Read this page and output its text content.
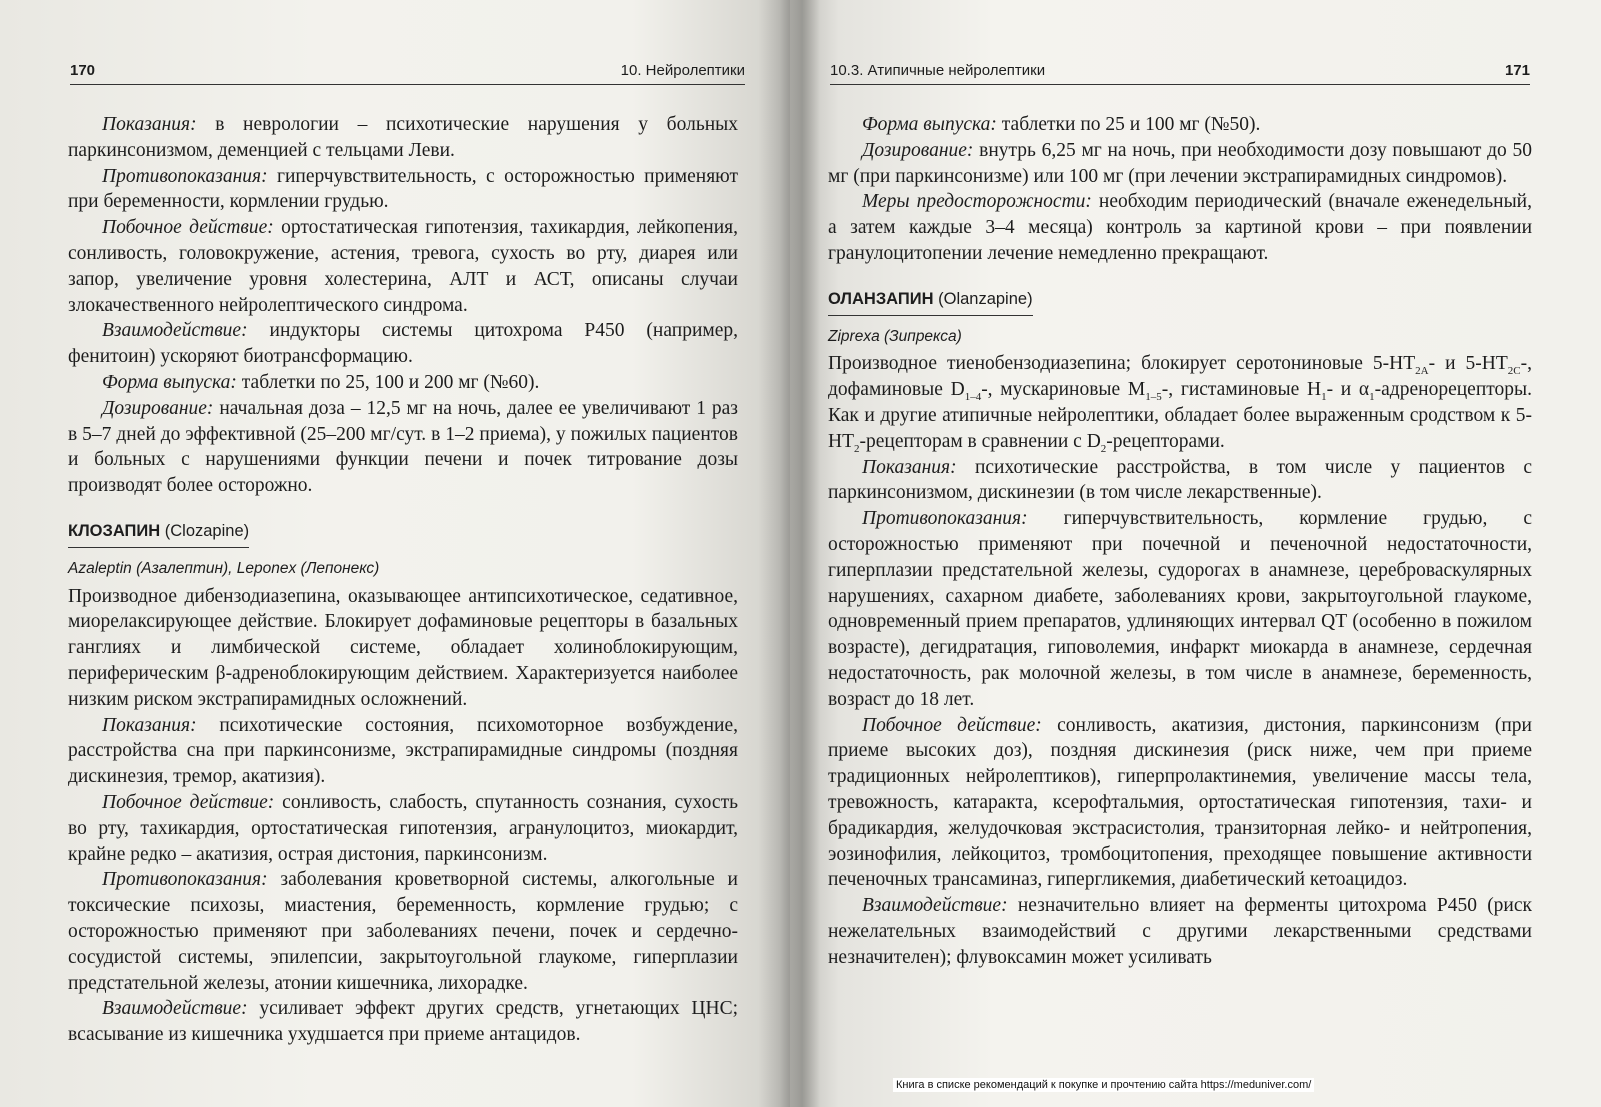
170	10. Нейролептики

Показания: в неврологии – психотические нарушения у больных паркинсонизмом, деменцией с тельцами Леви.

Противопоказания: гиперчувствительность, с осторожностью применяют при беременности, кормлении грудью.

Побочное действие: ортостатическая гипотензия, тахикардия, лейкопения, сонливость, головокружение, астения, тревога, сухость во рту, диарея или запор, увеличение уровня холестерина, АЛТ и АСТ, описаны случаи злокачественного нейролептического синдрома.

Взаимодействие: индукторы системы цитохрома Р450 (например, фенитоин) ускоряют биотрансформацию.

Форма выпуска: таблетки по 25, 100 и 200 мг (№60).

Дозирование: начальная доза – 12,5 мг на ночь, далее ее увеличивают 1 раз в 5–7 дней до эффективной (25–200 мг/сут. в 1–2 приема), у пожилых пациентов и больных с нарушениями функции печени и почек титрование дозы производят более осторожно.

КЛОЗАПИН (Clozapine)

Azaleptin (Азалептин), Leponex (Лепонекс)

Производное дибензодиазепина, оказывающее антипсихотическое, седативное, миорелаксирующее действие. Блокирует дофаминовые рецепторы в базальных ганглиях и лимбической системе, обладает холиноблокирующим, периферическим β-адреноблокирующим действием. Характеризуется наиболее низким риском экстрапирамидных осложнений.

Показания: психотические состояния, психомоторное возбуждение, расстройства сна при паркинсонизме, экстрапирамидные синдромы (поздняя дискинезия, тремор, акатизия).

Побочное действие: сонливость, слабость, спутанность сознания, сухость во рту, тахикардия, ортостатическая гипотензия, агранулоцитоз, миокардит, крайне редко – акатизия, острая дистония, паркинсонизм.

Противопоказания: заболевания кроветворной системы, алкогольные и токсические психозы, миастения, беременность, кормление грудью; с осторожностью применяют при заболеваниях печени, почек и сердечно-сосудистой системы, эпилепсии, закрытоугольной глаукоме, гиперплазии предстательной железы, атонии кишечника, лихорадке.

Взаимодействие: усиливает эффект других средств, угнетающих ЦНС; всасывание из кишечника ухудшается при приеме антацидов.

10.3. Атипичные нейролептики	171

Форма выпуска: таблетки по 25 и 100 мг (№50).

Дозирование: внутрь 6,25 мг на ночь, при необходимости дозу повышают до 50 мг (при паркинсонизме) или 100 мг (при лечении экстрапирамидных синдромов).

Меры предосторожности: необходим периодический (вначале еженедельный, а затем каждые 3–4 месяца) контроль за картиной крови – при появлении гранулоцитопении лечение немедленно прекращают.

ОЛАНЗАПИН (Olanzapine)

Zipreхa (Зипрекса)

Производное тиенобензодиазепина; блокирует серотониновые $5-НТ_{2А}-$ и $5-НТ_{2С}-$, дофаминовые $D_{1-4}-$, мускариновые $М_{1-5}-$, гистаминовые $Н_1-$ и $\alpha_1$-адренорецепторы. Как и другие атипичные нейролептики, обладает более выраженным сродством к $5-НТ_2$-рецепторам в сравнении с $D_2$-рецепторами.

Показания: психотические расстройства, в том числе у пациентов с паркинсонизмом, дискинезии (в том числе лекарственные).

Противопоказания: гиперчувствительность, кормление грудью, с осторожностью применяют при почечной и печеночной недостаточности, гиперплазии предстательной железы, судорогах в анамнезе, цереброваскулярных нарушениях, сахарном диабете, заболеваниях крови, закрытоугольной глаукоме, одновременный прием препаратов, удлиняющих интервал QT (особенно в пожилом возрасте), дегидратация, гиповолемия, инфаркт миокарда в анамнезе, сердечная недостаточность, рак молочной железы, в том числе в анамнезе, беременность, возраст до 18 лет.

Побочное действие: сонливость, акатизия, дистония, паркинсонизм (при приеме высоких доз), поздняя дискинезия (риск ниже, чем при приеме традиционных нейролептиков), гиперпролактинемия, увеличение массы тела, тревожность, катаракта, ксерофтальмия, ортостатическая гипотензия, тахи- и брадикардия, желудочковая экстрасистолия, транзиторная лейко- и нейтропения, эозинофилия, лейкоцитоз, тромбоцитопения, преходящее повышение активности печеночных трансаминаз, гипергликемия, диабетический кетоацидоз.

Взаимодействие: незначительно влияет на ферменты цитохрома Р450 (риск нежелательных взаимодействий с другими лекарственными средствами незначителен); флувоксамин может усиливать

Книга в списке рекомендаций к покупке и прочтению сайта https://meduniver.com/
